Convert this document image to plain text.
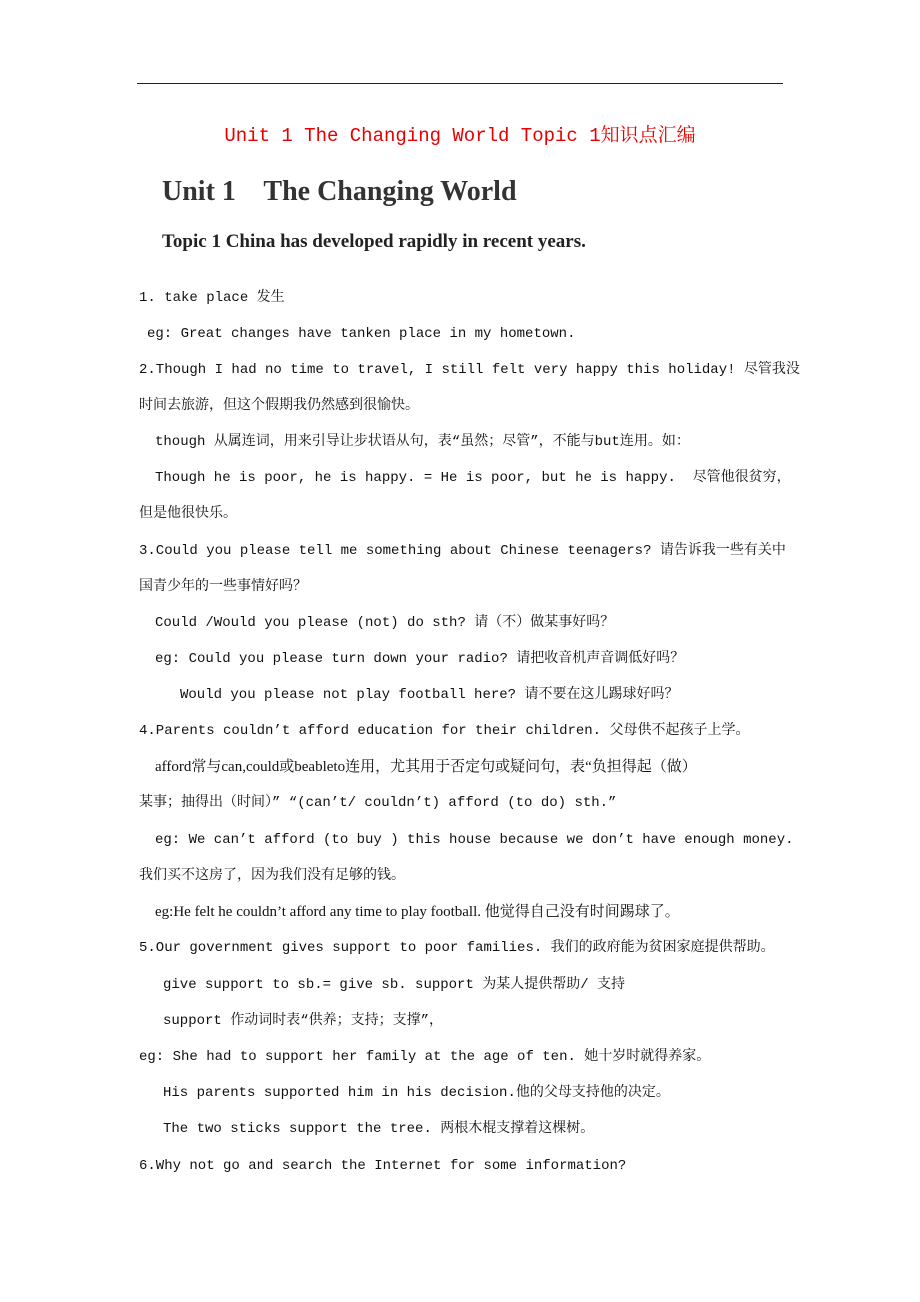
Unit 1 The Changing World Topic 1知识点汇编
Unit 1    The Changing World
Topic 1 China has developed rapidly in recent years.
1. take place 发生
eg: Great changes have tanken place in my hometown.
2.Though I had no time to travel, I still felt very happy this holiday! 尽管我没
时间去旅游，但这个假期我仍然感到很愉快。
though 从属连词，用来引导让步状语从句，表“虽然；尽管”，不能与but连用。如：
Though he is poor, he is happy. = He is poor, but he is happy.  尽管他很贫穷，
但是他很快乐。
3.Could you please tell me something about Chinese teenagers? 请告诉我一些有关中
国青少年的一些事情好吗？
Could /Would you please (not) do sth? 请（不）做某事好吗？
eg: Could you please turn down your radio? 请把收音机声音调低好吗？
Would you please not play football here? 请不要在这儿踢球好吗？
4.Parents couldn’t afford education for their children. 父母供不起孩子上学。
afford常与can,could或beableto连用，尤其用于否定句或疑问句，表“负担得起（做）
某事；抽得出（时间）” “(can’t/ couldn’t) afford (to do) sth.”
eg: We can’t afford (to buy ) this house because we don’t have enough money.
我们买不这房了，因为我们没有足够的钱。
eg:He felt he couldn’t afford any time to play football. 他觉得自己没有时间踢球了。
5.Our government gives support to poor families. 我们的政府能为贫困家庭提供帮助。
give support to sb.= give sb. support 为某人提供帮助/ 支持
support 作动词时表“供养；支持；支撑”，
eg: She had to support her family at the age of ten. 她十岁时就得养家。
His parents supported him in his decision.他的父母支持他的决定。
The two sticks support the tree. 两根木棍支撑着这棵树。
6.Why not go and search the Internet for some information?
